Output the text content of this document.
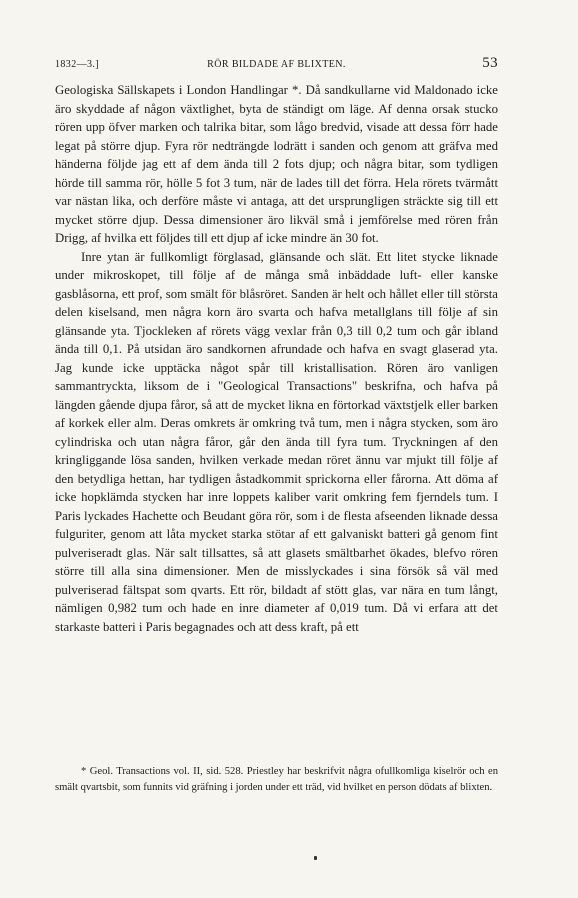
1832—3.]	RÖR BILDADE AF BLIXTEN.	53

Geologiska Sällskapets i London Handlingar *. Då sandkullarne vid Maldonado icke äro skyddade af någon växtlighet, byta de ständigt om läge. Af denna orsak stucko rören upp öfver marken och talrika bitar, som lågo bredvid, visade att dessa förr hade legat på större djup. Fyra rör nedträngde lodrätt i sanden och genom att gräfva med händerna följde jag ett af dem ända till 2 fots djup; och några bitar, som tydligen hörde till samma rör, hölle 5 fot 3 tum, när de lades till det förra. Hela rörets tvärmått var nästan lika, och derföre måste vi antaga, att det ursprungligen sträckte sig till ett mycket större djup. Dessa dimensioner äro likväl små i jemförelse med rören från Drigg, af hvilka ett följdes till ett djup af icke mindre än 30 fot.

Inre ytan är fullkomligt förglasad, glänsande och slät. Ett litet stycke liknade under mikroskopet, till följe af de många små inbäddade luft- eller kanske gasblåsorna, ett prof, som smält för blåsröret. Sanden är helt och hållet eller till största delen kiselsand, men några korn äro svarta och hafva metallglans till följe af sin glänsande yta. Tjockleken af rörets vägg vexlar från 0,3 till 0,2 tum och går ibland ända till 0,1. På utsidan äro sandkornen afrundade och hafva en svagt glaserad yta. Jag kunde icke upptäcka något spår till kristallisation. Rören äro vanligen sammantryckta, liksom de i "Geological Transactions" beskrifna, och hafva på längden gående djupa fåror, så att de mycket likna en förtorkad växtstjelk eller barken af korkek eller alm. Deras omkrets är omkring två tum, men i några stycken, som äro cylindriska och utan några fåror, går den ända till fyra tum. Tryckningen af den kringliggande lösa sanden, hvilken verkade medan röret ännu var mjukt till följe af den betydliga hettan, har tydligen åstadkommit sprickorna eller fårorna. Att döma af icke hopklämda stycken har inre loppets kaliber varit omkring fem fjerndels tum. I Paris lyckades Hachette och Beudant göra rör, som i de flesta afseenden liknade dessa fulguriter, genom att låta mycket starka stötar af ett galvaniskt batteri gå genom fint pulveriseradt glas. När salt tillsattes, så att glasets smältbarhet ökades, blefvo rören större till alla sina dimensioner. Men de misslyckades i sina försök så väl med pulveriserad fältspat som qvarts. Ett rör, bildadt af stött glas, var nära en tum långt, nämligen 0,982 tum och hade en inre diameter af 0,019 tum. Då vi erfara att det starkaste batteri i Paris begagnades och att dess kraft, på ett

* Geol. Transactions vol. II, sid. 528. Priestley har beskrifvit några ofullkomliga kiselrör och en smält qvartsbit, som funnits vid gräfning i jorden under ett träd, vid hvilket en person dödats af blixten.
